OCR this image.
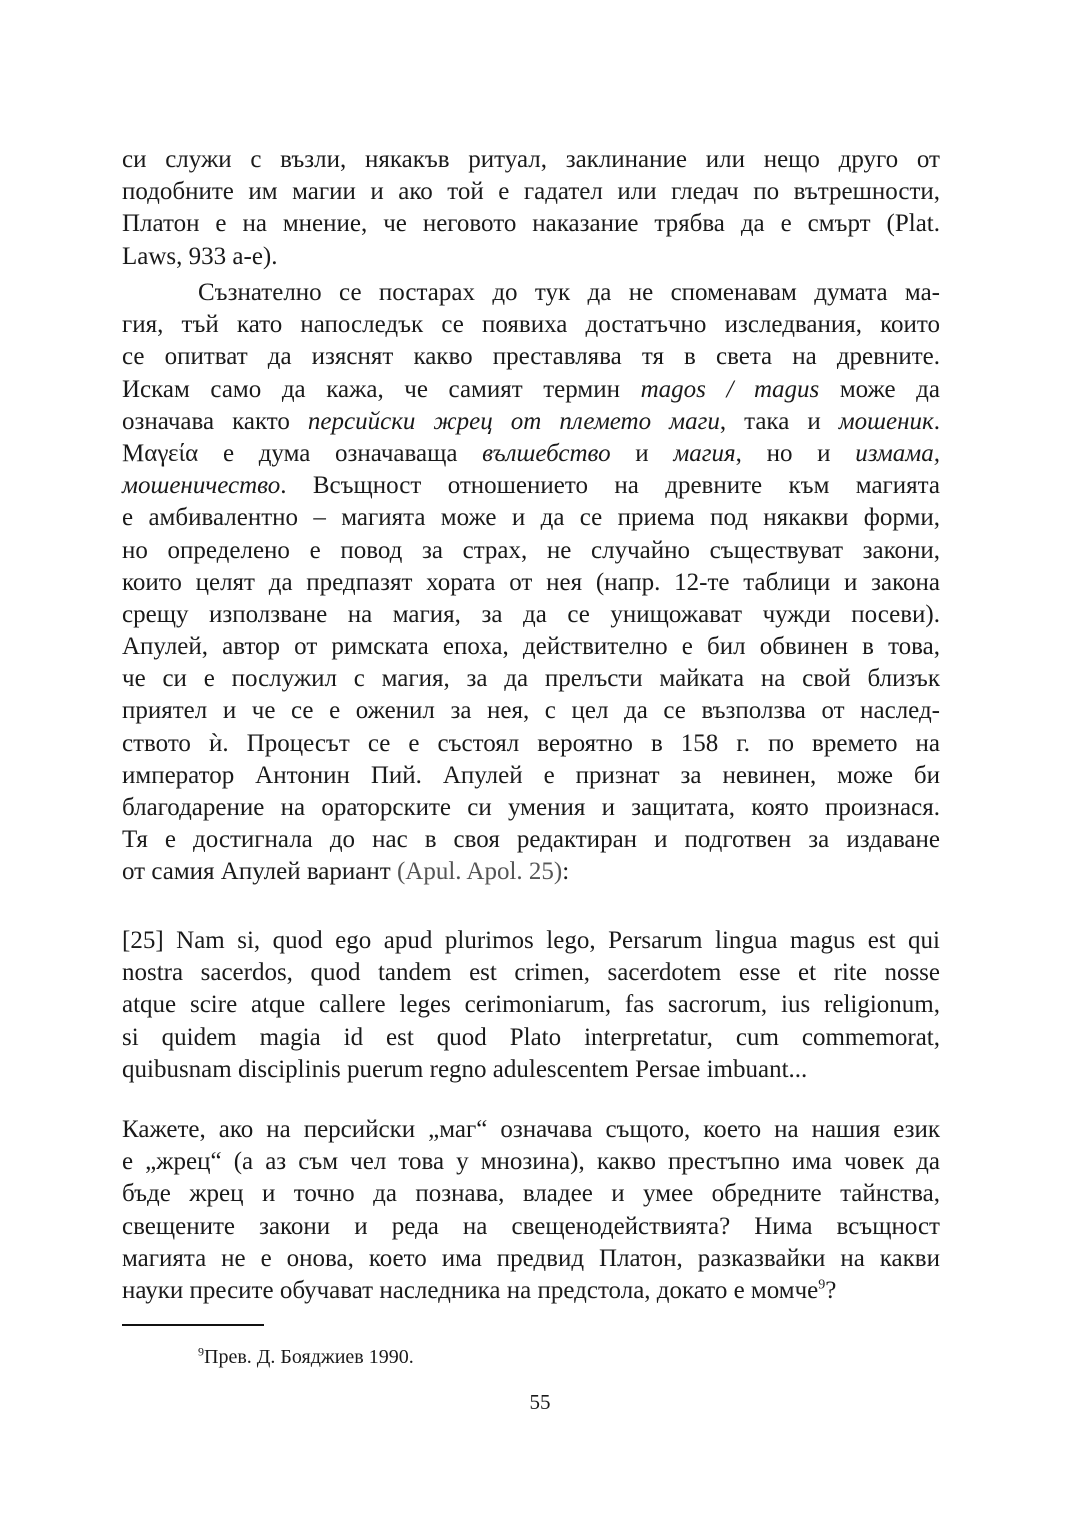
си служи с възли, някакъв ритуал, заклинание или нещо друго от
подобните им магии и ако той е гадател или гледач по вътрешности,
Платон е на мнение, че неговото наказание трябва да е смърт (Plat.
Laws, 933 а-е).
Съзнателно се постарах до тук да не споменавам думата ма-
гия, тъй като напоследък се появиха достатъчно изследвания, които
се опитват да изяснят какво преставлява тя в света на древните.
Искам само да кажа, че самият термин magos / magus може да
означава както персийски жрец от племето маги, така и мошеник.
Μαγεία е дума означаваща вълшебство и магия, но и измама,
мошеничество. Всъщност отношението на древните към магията
е амбивалентно – магията може и да се приема под някакви форми,
но определено е повод за страх, не случайно съществуват закони,
които целят да предпазят хората от нея (напр. 12-те таблици и закона
срещу използване на магия, за да се унищожават чужди посеви).
Апулей, автор от римската епоха, действително е бил обвинен в това,
че си е послужил с магия, за да прелъсти майката на свой близък
приятел и че се е оженил за нея, с цел да се възползва от наслед-
ството ѝ. Процесът се е състоял вероятно в 158 г. по времето на
император Антонин Пий. Апулей е признат за невинен, може би
благодарение на ораторските си умения и защитата, която произнася.
Тя е достигнала до нас в своя редактиран и подготвен за издаване
от самия Апулей вариант (Apul. Apol. 25):
[25] Nam si, quod ego apud plurimos lego, Persarum lingua magus est qui
nostra sacerdos, quod tandem est crimen, sacerdotem esse et rite nosse
atque scire atque callere leges cerimoniarum, fas sacrorum, ius religionum,
si quidem magia id est quod Plato interpretatur, cum commemorat,
quibusnam disciplinis puerum regno adulescentem Persae imbuant...
Кажете, ако на персийски „маг“ означава същото, което на нашия език
е „жрец“ (а аз съм чел това у мнозина), какво престъпно има човек да
бъде жрец и точно да познава, владее и умее обредните тайнства,
свещените закони и реда на свещенодействията? Нима всъщност
магията не е онова, което има предвид Платон, разказвайки на какви
науки пресите обучават наследника на предстола, докато е момче$^9$?
$^9$Прев. Д. Бояджиев 1990.
55
